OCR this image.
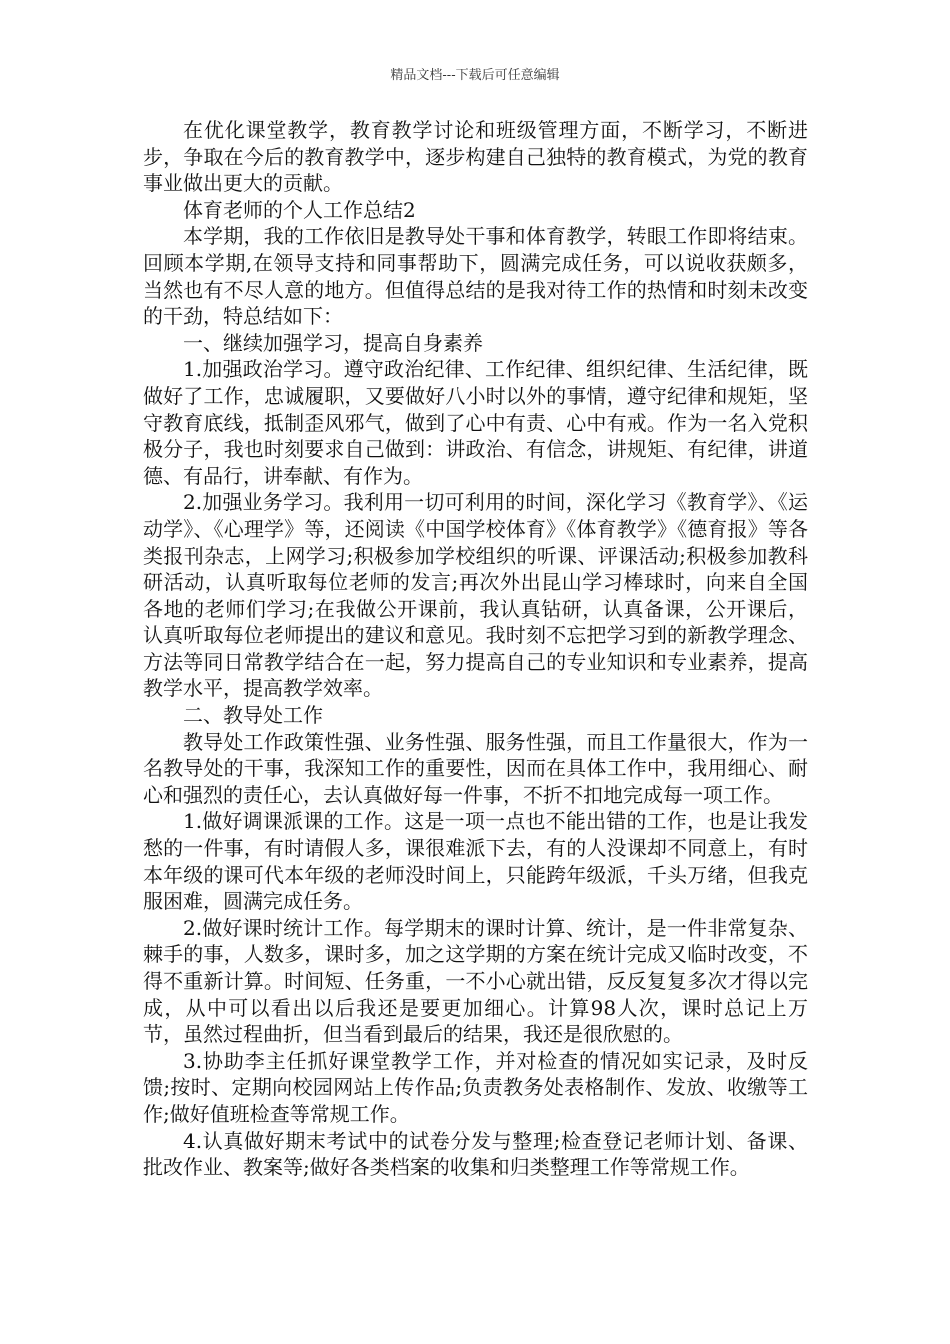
精品文档---下载后可任意编辑

在优化课堂教学，教育教学讨论和班级管理方面，不断学习，不断进步，争取在今后的教育教学中，逐步构建自己独特的教育模式，为党的教育事业做出更大的贡献。

体育老师的个人工作总结2

本学期，我的工作依旧是教导处干事和体育教学，转眼工作即将结束。回顾本学期,在领导支持和同事帮助下，圆满完成任务，可以说收获颇多，当然也有不尽人意的地方。但值得总结的是我对待工作的热情和时刻未改变的干劲，特总结如下：

一、继续加强学习，提高自身素养

1.加强政治学习。遵守政治纪律、工作纪律、组织纪律、生活纪律，既做好了工作，忠诚履职，又要做好八小时以外的事情，遵守纪律和规矩，坚守教育底线，抵制歪风邪气，做到了心中有责、心中有戒。作为一名入党积极分子，我也时刻要求自己做到：讲政治、有信念，讲规矩、有纪律，讲道德、有品行，讲奉献、有作为。

2.加强业务学习。我利用一切可利用的时间，深化学习《教育学》、《运动学》、《心理学》等，还阅读《中国学校体育》《体育教学》《德育报》等各类报刊杂志，上网学习;积极参加学校组织的听课、评课活动;积极参加教科研活动，认真听取每位老师的发言;再次外出昆山学习棒球时，向来自全国各地的老师们学习;在我做公开课前，我认真钻研，认真备课，公开课后，认真听取每位老师提出的建议和意见。我时刻不忘把学习到的新教学理念、方法等同日常教学结合在一起，努力提高自己的专业知识和专业素养，提高教学水平，提高教学效率。

二、教导处工作

教导处工作政策性强、业务性强、服务性强，而且工作量很大，作为一名教导处的干事，我深知工作的重要性，因而在具体工作中，我用细心、耐心和强烈的责任心，去认真做好每一件事，不折不扣地完成每一项工作。

1.做好调课派课的工作。这是一项一点也不能出错的工作，也是让我发愁的一件事，有时请假人多，课很难派下去，有的人没课却不同意上，有时本年级的课可代本年级的老师没时间上，只能跨年级派，千头万绪，但我克服困难，圆满完成任务。

2.做好课时统计工作。每学期末的课时计算、统计，是一件非常复杂、棘手的事，人数多，课时多，加之这学期的方案在统计完成又临时改变，不得不重新计算。时间短、任务重，一不小心就出错，反反复复多次才得以完成，从中可以看出以后我还是要更加细心。计算98人次，课时总记上万节，虽然过程曲折，但当看到最后的结果，我还是很欣慰的。

3.协助李主任抓好课堂教学工作，并对检查的情况如实记录，及时反馈;按时、定期向校园网站上传作品;负责教务处表格制作、发放、收缴等工作;做好值班检查等常规工作。

4.认真做好期末考试中的试卷分发与整理;检查登记老师计划、备课、批改作业、教案等;做好各类档案的收集和归类整理工作等常规工作。
